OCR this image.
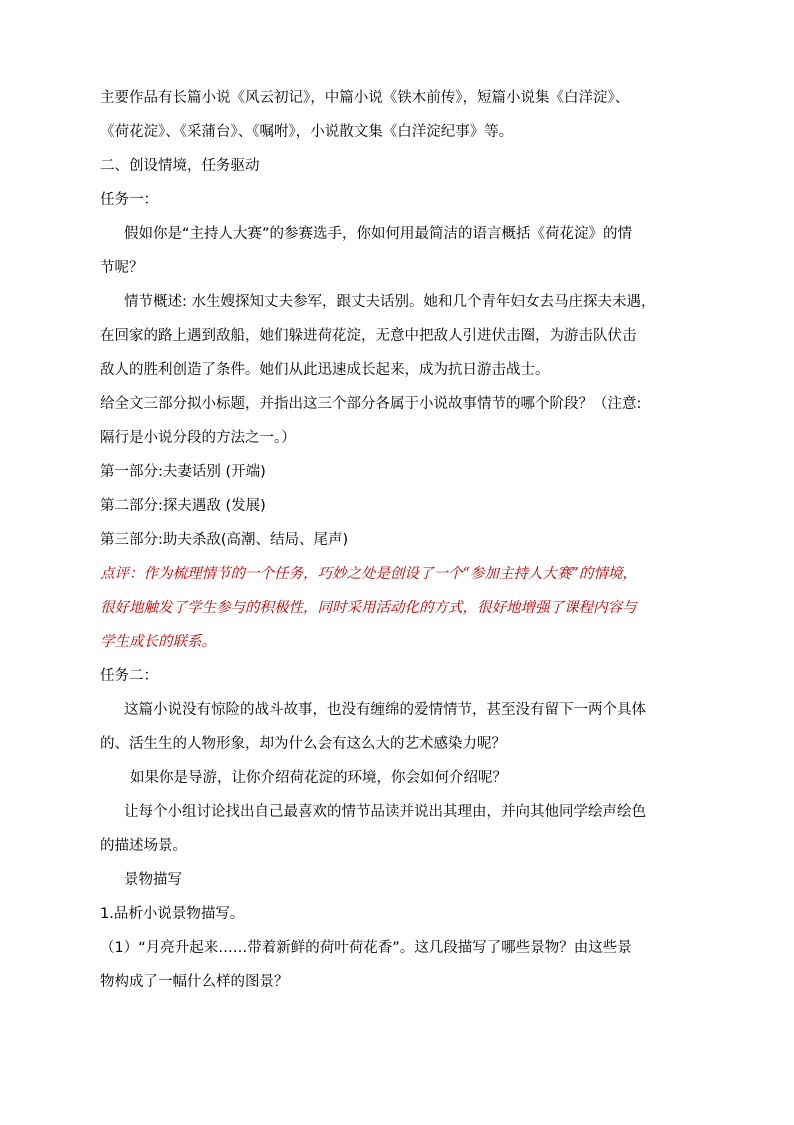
主要作品有长篇小说《风云初记》，中篇小说《铁木前传》，短篇小说集《白洋淀》、
《荷花淀》、《采蒲台》、《嘱咐》，小说散文集《白洋淀纪事》等。
二、创设情境，任务驱动
任务一：
假如你是“主持人大赛”的参赛选手，你如何用最简洁的语言概括《荷花淀》的情
节呢？
情节概述: 水生嫂探知丈夫参军，跟丈夫话别。她和几个青年妇女去马庄探夫未遇，
在回家的路上遇到敌船，她们躲进荷花淀，无意中把敌人引进伏击圈，为游击队伏击
敌人的胜利创造了条件。她们从此迅速成长起来，成为抗日游击战士。
给全文三部分拟小标题，并指出这三个部分各属于小说故事情节的哪个阶段？（注意:
隔行是小说分段的方法之一。）
第一部分:夫妻话别 (开端)
第二部分:探夫遇敌 (发展)
第三部分:助夫杀敌(高潮、结局、尾声)
点评：作为梳理情节的一个任务，巧妙之处是创设了一个“参加主持人大赛”的情境，
很好地触发了学生参与的积极性，同时采用活动化的方式，很好地增强了课程内容与
学生成长的联系。
任务二：
这篇小说没有惊险的战斗故事，也没有缠绵的爱情情节，甚至没有留下一两个具体
的、活生生的人物形象，却为什么会有这么大的艺术感染力呢？
如果你是导游，让你介绍荷花淀的环境，你会如何介绍呢？
让每个小组讨论找出自己最喜欢的情节品读并说出其理由，并向其他同学绘声绘色
的描述场景。
景物描写
1.品析小说景物描写。
（1）“月亮升起来……带着新鲜的荷叶荷花香”。这几段描写了哪些景物？由这些景
物构成了一幅什么样的图景？
